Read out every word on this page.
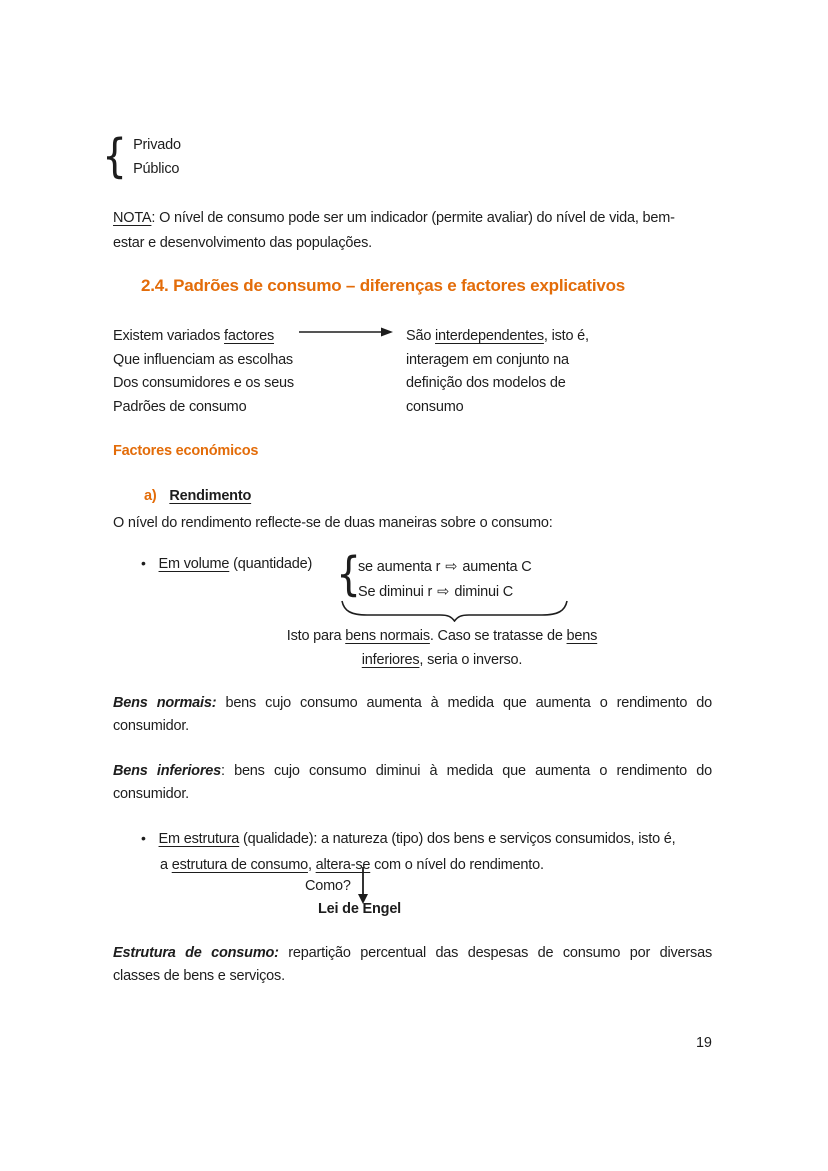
{ Privado
Público
NOTA: O nível de consumo pode ser um indicador (permite avaliar) do nível de vida, bem-
estar e desenvolvimento das populações.
2.4. Padrões de consumo – diferenças e factores explicativos
Existem variados factores
Que influenciam as escolhas
Dos consumidores e os seus
Padrões de consumo
São interdependentes, isto é,
interagem em conjunto na
definição dos modelos de
consumo
Factores económicos
a) Rendimento
O nível do rendimento reflecte-se de duas maneiras sobre o consumo:
• Em volume (quantidade) {
se aumenta r ⇨ aumenta C
Se diminui r ⇨ diminui C
Isto para bens normais. Caso se tratasse de bens
inferiores, seria o inverso.
Bens normais: bens cujo consumo aumenta à medida que aumenta o rendimento do
consumidor.
Bens inferiores: bens cujo consumo diminui à medida que aumenta o rendimento do
consumidor.
• Em estrutura (qualidade): a natureza (tipo) dos bens e serviços consumidos, isto é,
a estrutura de consumo, altera-se com o nível do rendimento.
Como?
Lei de Engel
Estrutura de consumo: repartição percentual das despesas de consumo por diversas
classes de bens e serviços.
19
